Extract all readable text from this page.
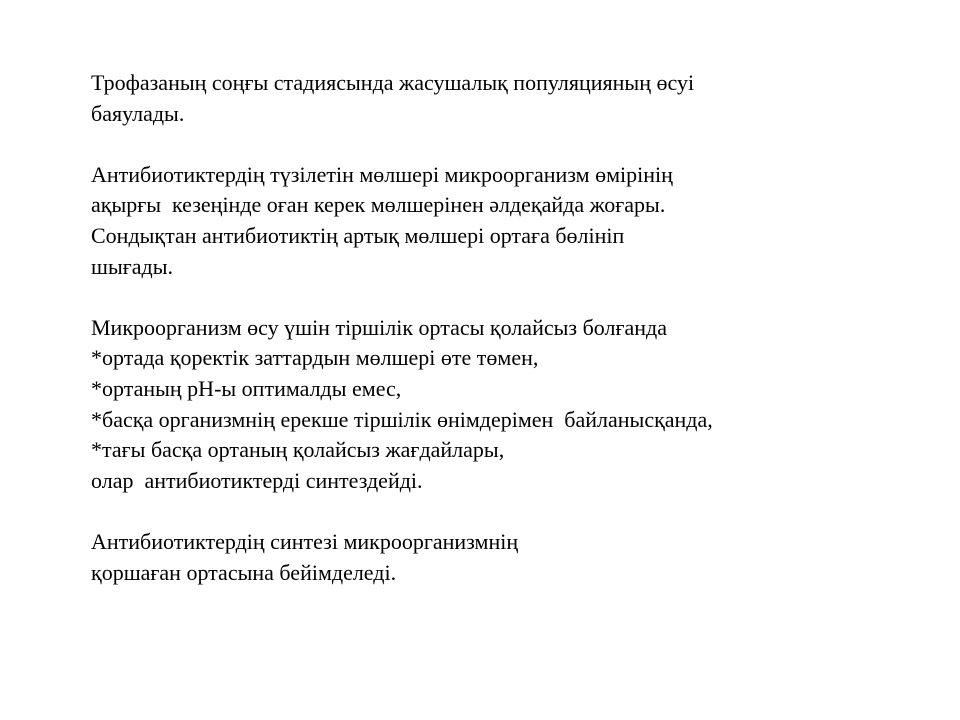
Трофазаның соңғы стадиясында жасушалық популяцияның өсуі
баяулады.

Антибиотиктердің түзілетін мөлшері микроорганизм өмірінің
ақырғы  кезеңінде оған керек мөлшерінен әлдеқайда жоғары.
Сондықтан антибиотиктің артық мөлшері ортаға бөлініп
шығады.

Микроорганизм өсу үшін тіршілік ортасы қолайсыз болғанда
*ортада қоректік заттардын мөлшері өте төмен,
*ортаның рН-ы оптималды емес,
*басқа организмнің ерекше тіршілік өнімдерімен  байланысқанда,
*тағы басқа ортаның қолайсыз жағдайлары,
олар  антибиотиктерді синтездейді.

Антибиотиктердің синтезі микроорганизмнің
қоршаған ортасына бейімделеді.
